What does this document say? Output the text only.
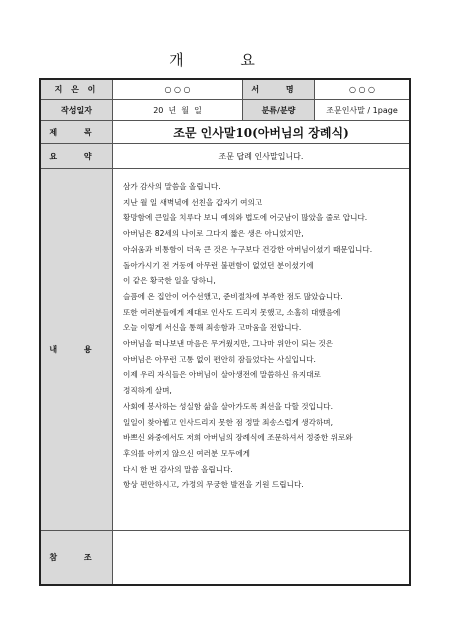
개 요
지 은 이	○ ○ ○	서 명	○ ○ ○
작성일자	20  년  월  일	분류/분량	조문인사말 / 1page
제 목	조문 인사말10(아버님의 장례식)
요 약	조문 답례 인사말입니다.
내 용
삼가 감사의 말씀을 올립니다.
지난 월 일 새벽녘에 선친을 갑자기 여의고
황망함에 큰일을 치루다 보니 예의와 법도에 어긋남이 많았을 줄로 압니다.
아버님은 82세의 나이로 그다지 짧은 생은 아니었지만,
아쉬움과 비통함이 더욱 큰 것은 누구보다 건강한 아버님이셨기 때문입니다.
돌아가시기 전 거동에 아무런 불편함이 없었던 분이셨기에
이 같은 황국한 일을 당하니,
슬픔에 온 집안이 어수선했고, 준비절차에 부족한 점도 많았습니다.
또한 여러분들에게 제대로 인사도 드리지 못했고, 소홀히 대했음에
오늘 이렇게 서신을 통해 죄송함과 고마움을 전합니다.
아버님을 떠나보낸 마음은 무거웠지만, 그나마 위안이 되는 것은
아버님은 아무런 고통 없이 편안히 잠들었다는 사실입니다.
이제 우리 자식들은 아버님이 살아생전에 말씀하신 유지대로
정직하게 살며,
사회에 봉사하는 성실함 삶을 살아가도록 최선을 다할 것입니다.
일일이 찾아뵙고 인사드리지 못한 점 정말 죄송스럽게 생각하며,
바쁘신 와중에서도 저희 아버님의 장례식에 조문하셔서 정중한 위로와
후의를 아끼지 않으신 여러분 모두에게
다시 한 번 감사의 말씀 올립니다.
항상 편안하시고, 가정의 무궁한 발전을 기원 드립니다.
참 조
